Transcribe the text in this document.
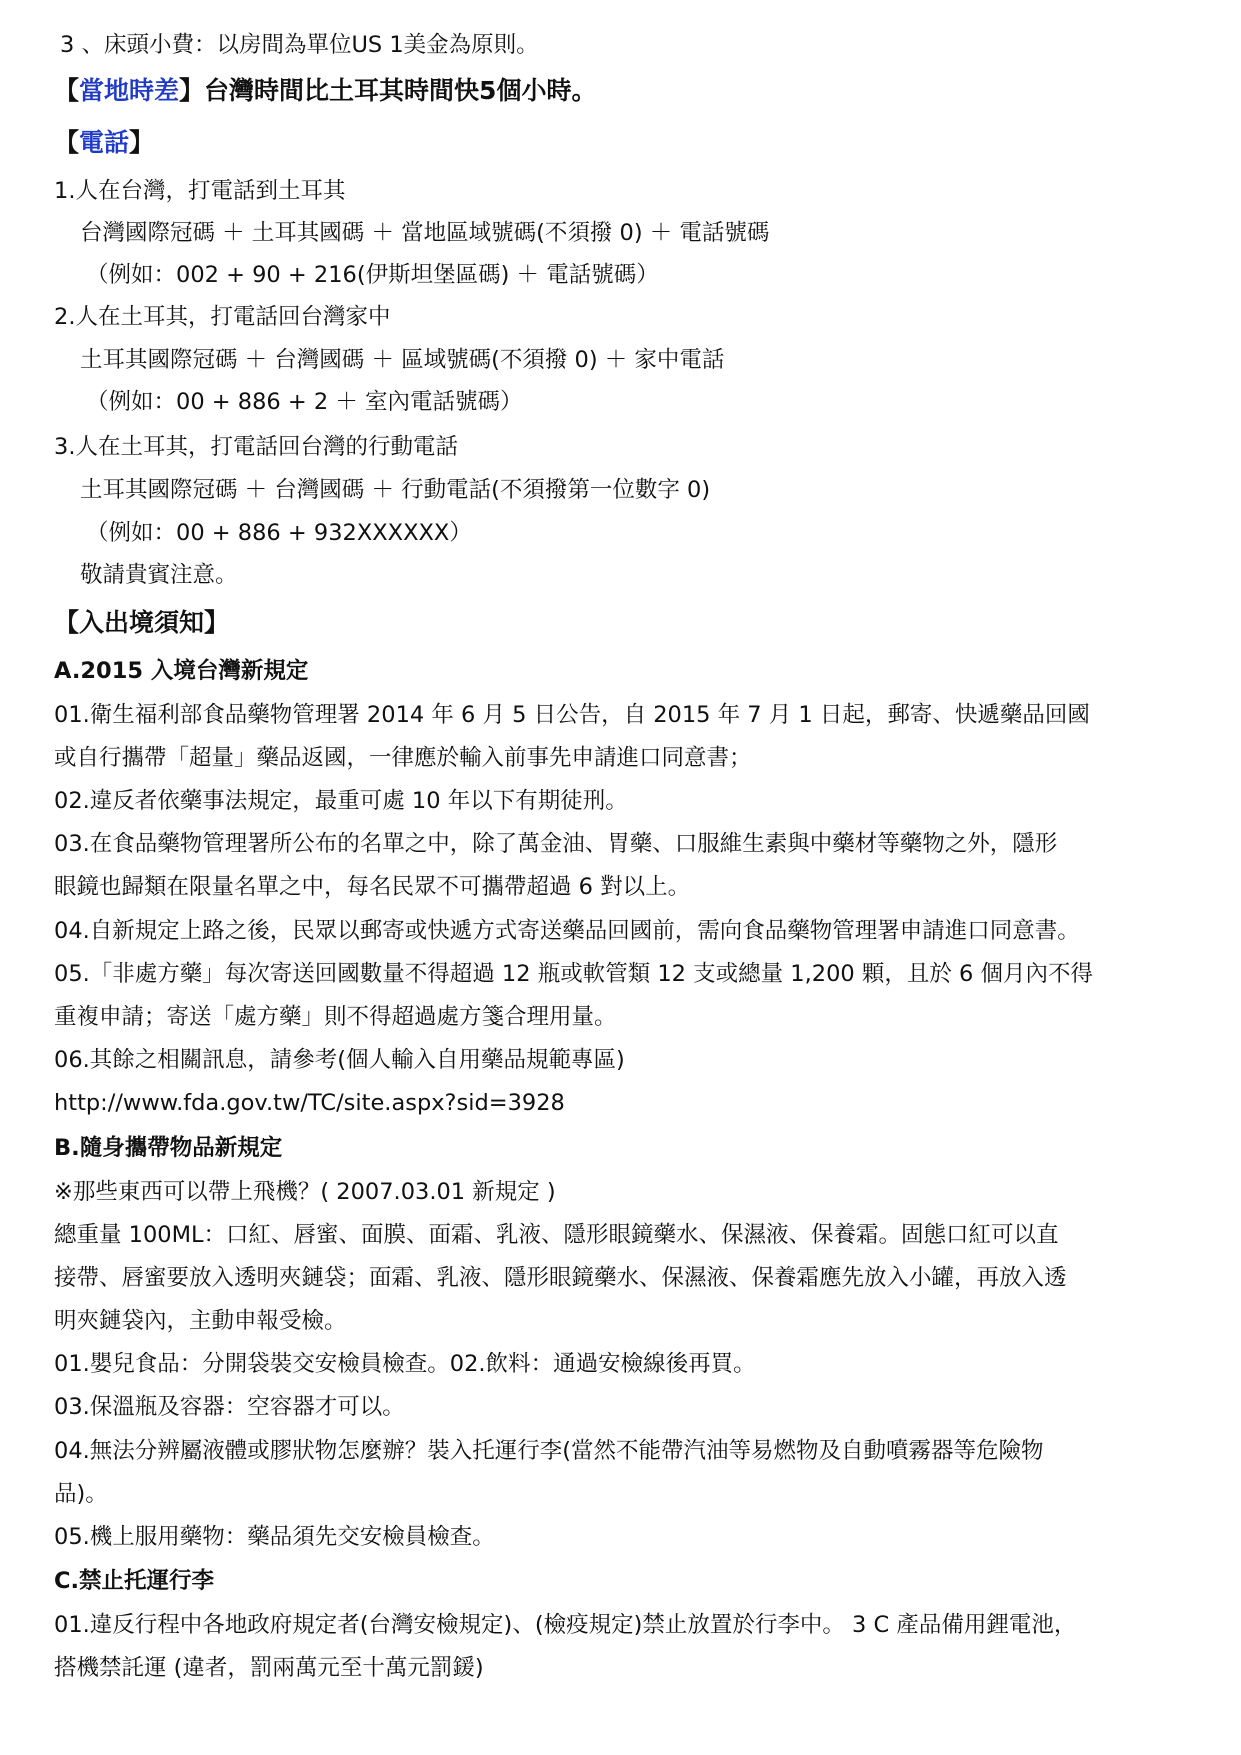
3 、床頭小費：以房間為單位US 1美金為原則。
【當地時差】台灣時間比土耳其時間快5個小時。
【電話】
1.人在台灣，打電話到土耳其
台灣國際冠碼 ＋ 土耳其國碼 ＋ 當地區域號碼(不須撥 0) ＋ 電話號碼
（例如：002 + 90 + 216(伊斯坦堡區碼) ＋ 電話號碼）
2.人在土耳其，打電話回台灣家中
土耳其國際冠碼 ＋ 台灣國碼 ＋ 區域號碼(不須撥 0) ＋ 家中電話
（例如：00 + 886 + 2 ＋ 室內電話號碼）
3.人在土耳其，打電話回台灣的行動電話
土耳其國際冠碼 ＋ 台灣國碼 ＋ 行動電話(不須撥第一位數字 0)
（例如：00 + 886 + 932XXXXXX）
敬請貴賓注意。
【入出境須知】
A.2015 入境台灣新規定
01.衛生福利部食品藥物管理署 2014 年 6 月 5 日公告，自 2015 年 7 月 1 日起，郵寄、快遞藥品回國
或自行攜帶「超量」藥品返國，一律應於輸入前事先申請進口同意書；
02.違反者依藥事法規定，最重可處 10 年以下有期徒刑。
03.在食品藥物管理署所公布的名單之中，除了萬金油、胃藥、口服維生素與中藥材等藥物之外，隱形
眼鏡也歸類在限量名單之中，每名民眾不可攜帶超過 6 對以上。
04.自新規定上路之後，民眾以郵寄或快遞方式寄送藥品回國前，需向食品藥物管理署申請進口同意書。
05.「非處方藥」每次寄送回國數量不得超過 12 瓶或軟管類 12 支或總量 1,200 顆，且於 6 個月內不得
重複申請；寄送「處方藥」則不得超過處方箋合理用量。
06.其餘之相關訊息，請參考(個人輸入自用藥品規範專區)
http://www.fda.gov.tw/TC/site.aspx?sid=3928
B.隨身攜帶物品新規定
※那些東西可以帶上飛機？( 2007.03.01 新規定 )
總重量 100ML：口紅、唇蜜、面膜、面霜、乳液、隱形眼鏡藥水、保濕液、保養霜。固態口紅可以直
接帶、唇蜜要放入透明夾鏈袋；面霜、乳液、隱形眼鏡藥水、保濕液、保養霜應先放入小罐，再放入透
明夾鏈袋內，主動申報受檢。
01.嬰兒食品：分開袋裝交安檢員檢查。02.飲料：通過安檢線後再買。
03.保溫瓶及容器：空容器才可以。
04.無法分辨屬液體或膠狀物怎麼辦？裝入托運行李(當然不能帶汽油等易燃物及自動噴霧器等危險物
品)。
05.機上服用藥物：藥品須先交安檢員檢查。
C.禁止托運行李
01.違反行程中各地政府規定者(台灣安檢規定)、(檢疫規定)禁止放置於行李中。 3 C 產品備用鋰電池，
搭機禁託運 (違者，罰兩萬元至十萬元罰鍰)
